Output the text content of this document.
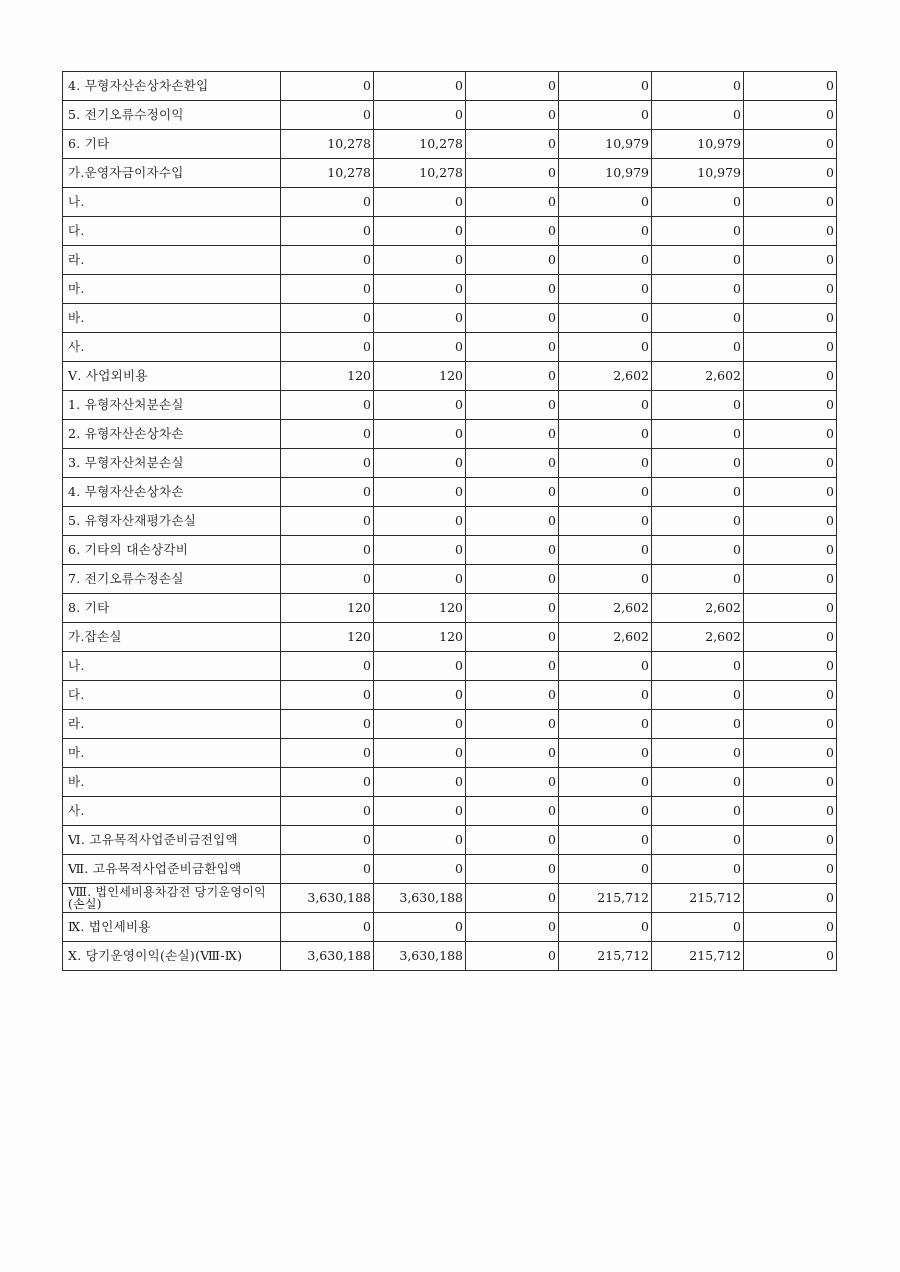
4. 무형자산손상차손환입	0	0	0	0	0	0
5. 전기오류수정이익	0	0	0	0	0	0
6. 기타	10,278	10,278	0	10,979	10,979	0
가.운영자금이자수입	10,278	10,278	0	10,979	10,979	0
나.	0	0	0	0	0	0
다.	0	0	0	0	0	0
라.	0	0	0	0	0	0
마.	0	0	0	0	0	0
바.	0	0	0	0	0	0
사.	0	0	0	0	0	0
Ⅴ. 사업외비용	120	120	0	2,602	2,602	0
1. 유형자산처분손실	0	0	0	0	0	0
2. 유형자산손상차손	0	0	0	0	0	0
3. 무형자산처분손실	0	0	0	0	0	0
4. 무형자산손상차손	0	0	0	0	0	0
5. 유형자산재평가손실	0	0	0	0	0	0
6. 기타의 대손상각비	0	0	0	0	0	0
7. 전기오류수정손실	0	0	0	0	0	0
8. 기타	120	120	0	2,602	2,602	0
가.잡손실	120	120	0	2,602	2,602	0
나.	0	0	0	0	0	0
다.	0	0	0	0	0	0
라.	0	0	0	0	0	0
마.	0	0	0	0	0	0
바.	0	0	0	0	0	0
사.	0	0	0	0	0	0
Ⅵ. 고유목적사업준비금전입액	0	0	0	0	0	0
Ⅶ. 고유목적사업준비금환입액	0	0	0	0	0	0
Ⅷ. 법인세비용차감전 당기운영이익(손실)	3,630,188	3,630,188	0	215,712	215,712	0
Ⅸ. 법인세비용	0	0	0	0	0	0
Ⅹ. 당기운영이익(손실)(Ⅷ-Ⅸ)	3,630,188	3,630,188	0	215,712	215,712	0
